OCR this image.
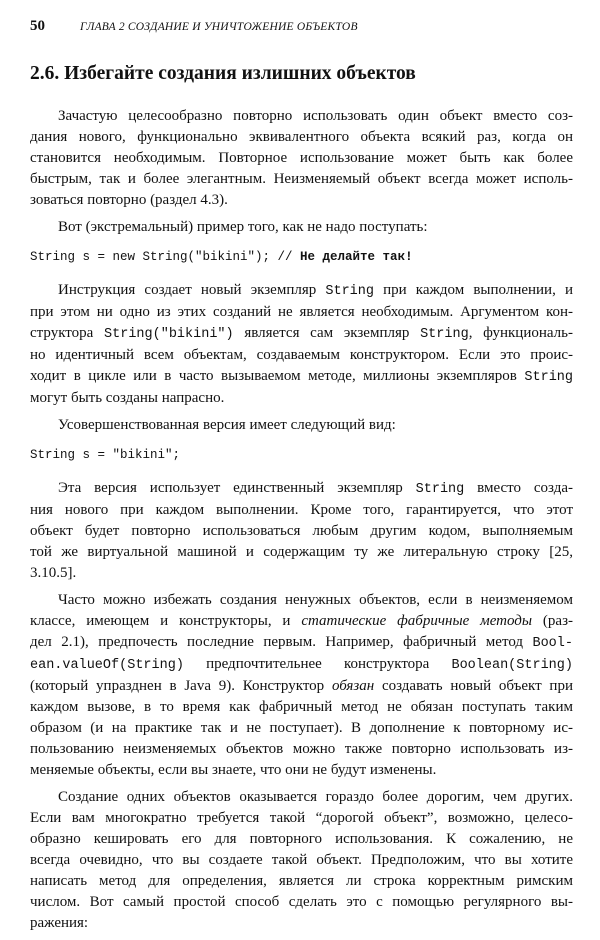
50	ГЛАВА 2 СОЗДАНИЕ И УНИЧТОЖЕНИЕ ОБЪЕКТОВ
2.6. Избегайте создания излишних объектов
Зачастую целесообразно повторно использовать один объект вместо соз-
дания нового, функционально эквивалентного объекта всякий раз, когда он
становится необходимым. Повторное использование может быть как более
быстрым, так и более элегантным. Неизменяемый объект всегда может исполь-
зоваться повторно (раздел 4.3).
Вот (экстремальный) пример того, как не надо поступать:
String s = new String("bikini"); // Не делайте так!
Инструкция создает новый экземпляр String при каждом выполнении, и
при этом ни одно из этих созданий не является необходимым. Аргументом кон-
структора String("bikini") является сам экземпляр String, функциональ-
но идентичный всем объектам, создаваемым конструктором. Если это проис-
ходит в цикле или в часто вызываемом методе, миллионы экземпляров String
могут быть созданы напрасно.
Усовершенствованная версия имеет следующий вид:
String s = "bikini";
Эта версия использует единственный экземпляр String вместо созда-
ния нового при каждом выполнении. Кроме того, гарантируется, что этот
объект будет повторно использоваться любым другим кодом, выполняемым
той же виртуальной машиной и содержащим ту же литеральную строку [25,
3.10.5].
Часто можно избежать создания ненужных объектов, если в неизменяемом
классе, имеющем и конструкторы, и статические фабричные методы (раз-
дел 2.1), предпочесть последние первым. Например, фабричный метод Bool-
ean.valueOf(String) предпочтительнее конструктора Boolean(String)
(который упразднен в Java 9). Конструктор обязан создавать новый объект при
каждом вызове, в то время как фабричный метод не обязан поступать таким
образом (и на практике так и не поступает). В дополнение к повторному ис-
пользованию неизменяемых объектов можно также повторно использовать из-
меняемые объекты, если вы знаете, что они не будут изменены.
Создание одних объектов оказывается гораздо более дорогим, чем других.
Если вам многократно требуется такой “дорогой объект”, возможно, целесо-
образно кешировать его для повторного использования. К сожалению, не
всегда очевидно, что вы создаете такой объект. Предположим, что вы хотите
написать метод для определения, является ли строка корректным римским
числом. Вот самый простой способ сделать это с помощью регулярного вы-
ражения:
